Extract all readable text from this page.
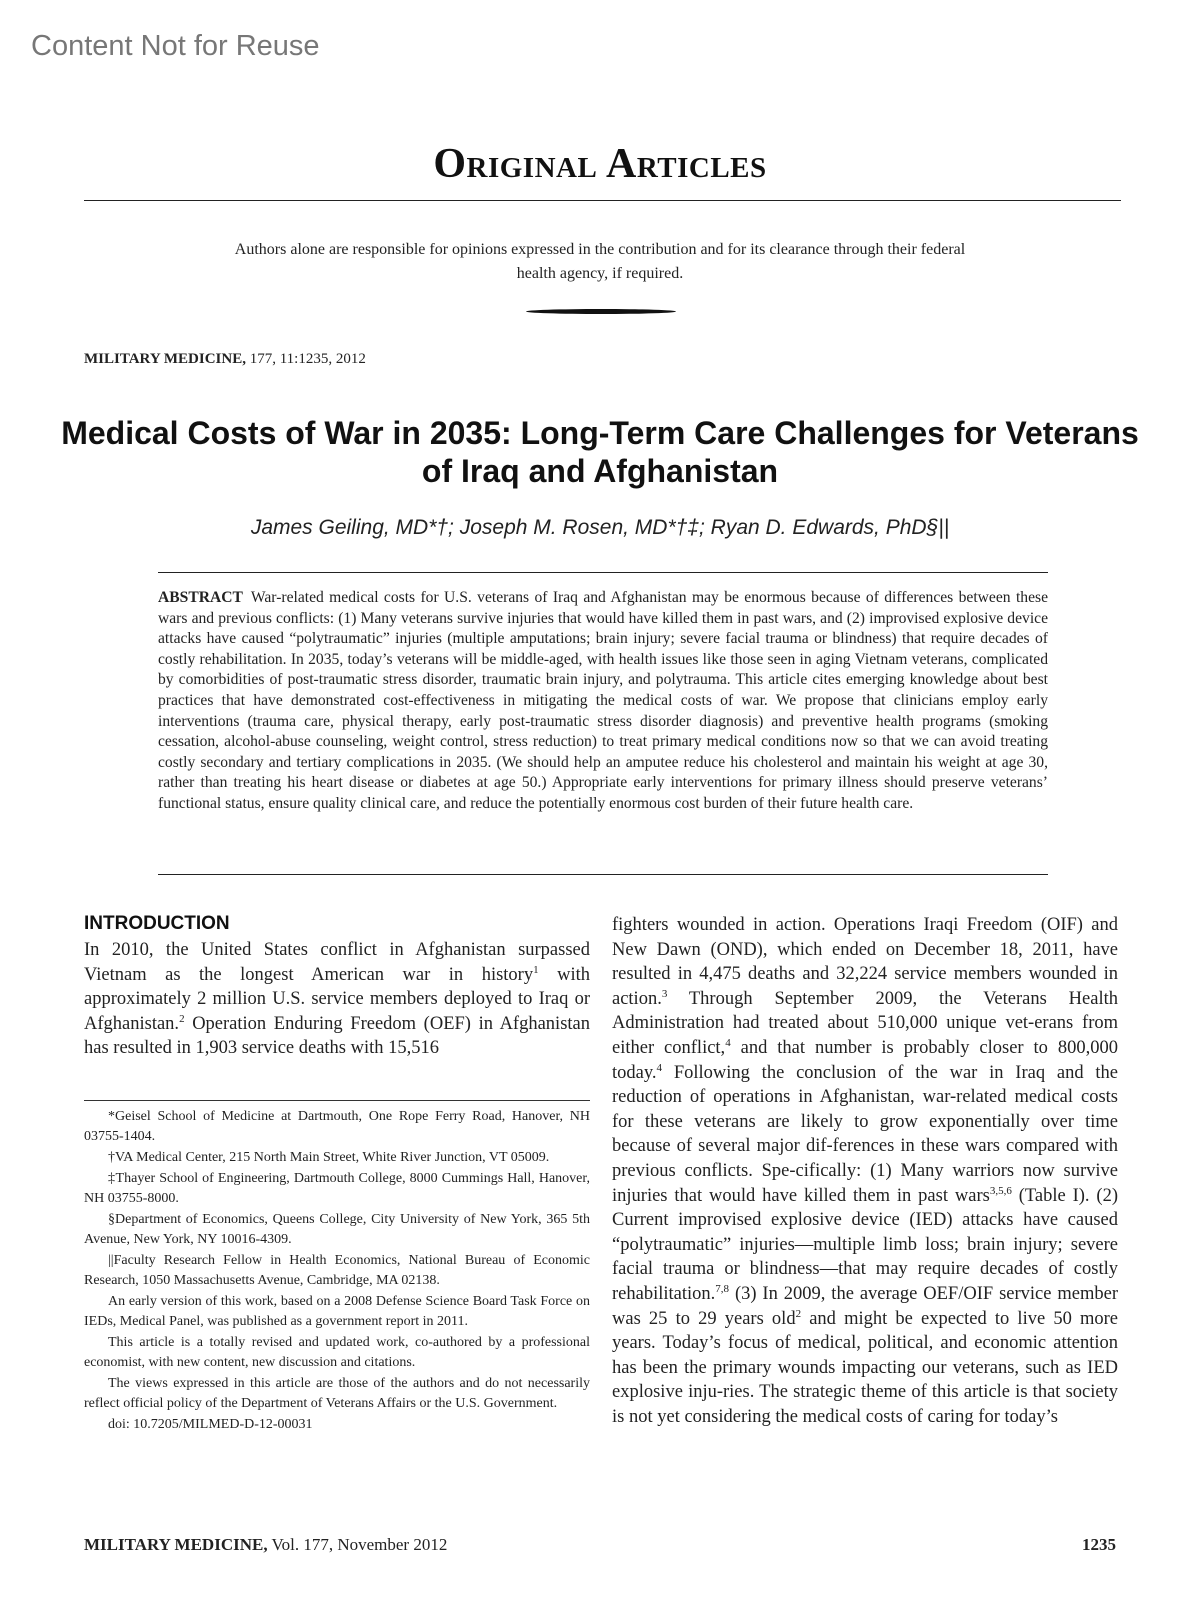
Content Not for Reuse
Original Articles
Authors alone are responsible for opinions expressed in the contribution and for its clearance through their federal health agency, if required.
MILITARY MEDICINE, 177, 11:1235, 2012
Medical Costs of War in 2035: Long-Term Care Challenges for Veterans of Iraq and Afghanistan
James Geiling, MD*†; Joseph M. Rosen, MD*†‡; Ryan D. Edwards, PhD§||
ABSTRACT War-related medical costs for U.S. veterans of Iraq and Afghanistan may be enormous because of differences between these wars and previous conflicts: (1) Many veterans survive injuries that would have killed them in past wars, and (2) improvised explosive device attacks have caused “polytraumatic” injuries (multiple amputations; brain injury; severe facial trauma or blindness) that require decades of costly rehabilitation. In 2035, today’s veterans will be middle-aged, with health issues like those seen in aging Vietnam veterans, complicated by comorbidities of post-traumatic stress disorder, traumatic brain injury, and polytrauma. This article cites emerging knowledge about best practices that have demonstrated cost-effectiveness in mitigating the medical costs of war. We propose that clinicians employ early interventions (trauma care, physical therapy, early post-traumatic stress disorder diagnosis) and preventive health programs (smoking cessation, alcohol-abuse counseling, weight control, stress reduction) to treat primary medical conditions now so that we can avoid treating costly secondary and tertiary complications in 2035. (We should help an amputee reduce his cholesterol and maintain his weight at age 30, rather than treating his heart disease or diabetes at age 50.) Appropriate early interventions for primary illness should preserve veterans’ functional status, ensure quality clinical care, and reduce the potentially enormous cost burden of their future health care.
INTRODUCTION

In 2010, the United States conflict in Afghanistan surpassed Vietnam as the longest American war in history$^1$ with approximately 2 million U.S. service members deployed to Iraq or Afghanistan.$^2$ Operation Enduring Freedom (OEF) in Afghanistan has resulted in 1,903 service deaths with 15,516

*Geisel School of Medicine at Dartmouth, One Rope Ferry Road, Hanover, NH 03755-1404.

†VA Medical Center, 215 North Main Street, White River Junction, VT 05009.

‡Thayer School of Engineering, Dartmouth College, 8000 Cummings Hall, Hanover, NH 03755-8000.

§Department of Economics, Queens College, City University of New York, 365 5th Avenue, New York, NY 10016-4309.

||Faculty Research Fellow in Health Economics, National Bureau of Economic Research, 1050 Massachusetts Avenue, Cambridge, MA 02138.

An early version of this work, based on a 2008 Defense Science Board Task Force on IEDs, Medical Panel, was published as a government report in 2011.

This article is a totally revised and updated work, co-authored by a professional economist, with new content, new discussion and citations.

The views expressed in this article are those of the authors and do not necessarily reflect official policy of the Department of Veterans Affairs or the U.S. Government.

doi: 10.7205/MILMED-D-12-00031

fighters wounded in action. Operations Iraqi Freedom (OIF) and New Dawn (OND), which ended on December 18, 2011, have resulted in 4,475 deaths and 32,224 service members wounded in action.$^3$ Through September 2009, the Veterans Health Administration had treated about 510,000 unique vet-erans from either conflict,$^4$ and that number is probably closer to 800,000 today.$^4$ Following the conclusion of the war in Iraq and the reduction of operations in Afghanistan, war-related medical costs for these veterans are likely to grow exponentially over time because of several major dif-ferences in these wars compared with previous conflicts. Spe-cifically: (1) Many warriors now survive injuries that would have killed them in past wars$^{3,5,6}$ (Table I). (2) Current improvised explosive device (IED) attacks have caused “polytraumatic” injuries—multiple limb loss; brain injury; severe facial trauma or blindness—that may require decades of costly rehabilitation.$^{7,8}$ (3) In 2009, the average OEF/OIF service member was 25 to 29 years old$^2$ and might be expected to live 50 more years. Today’s focus of medical, political, and economic attention has been the primary wounds impacting our veterans, such as IED explosive inju-ries. The strategic theme of this article is that society is not yet considering the medical costs of caring for today’s

MILITARY MEDICINE, Vol. 177, November 2012	1235
